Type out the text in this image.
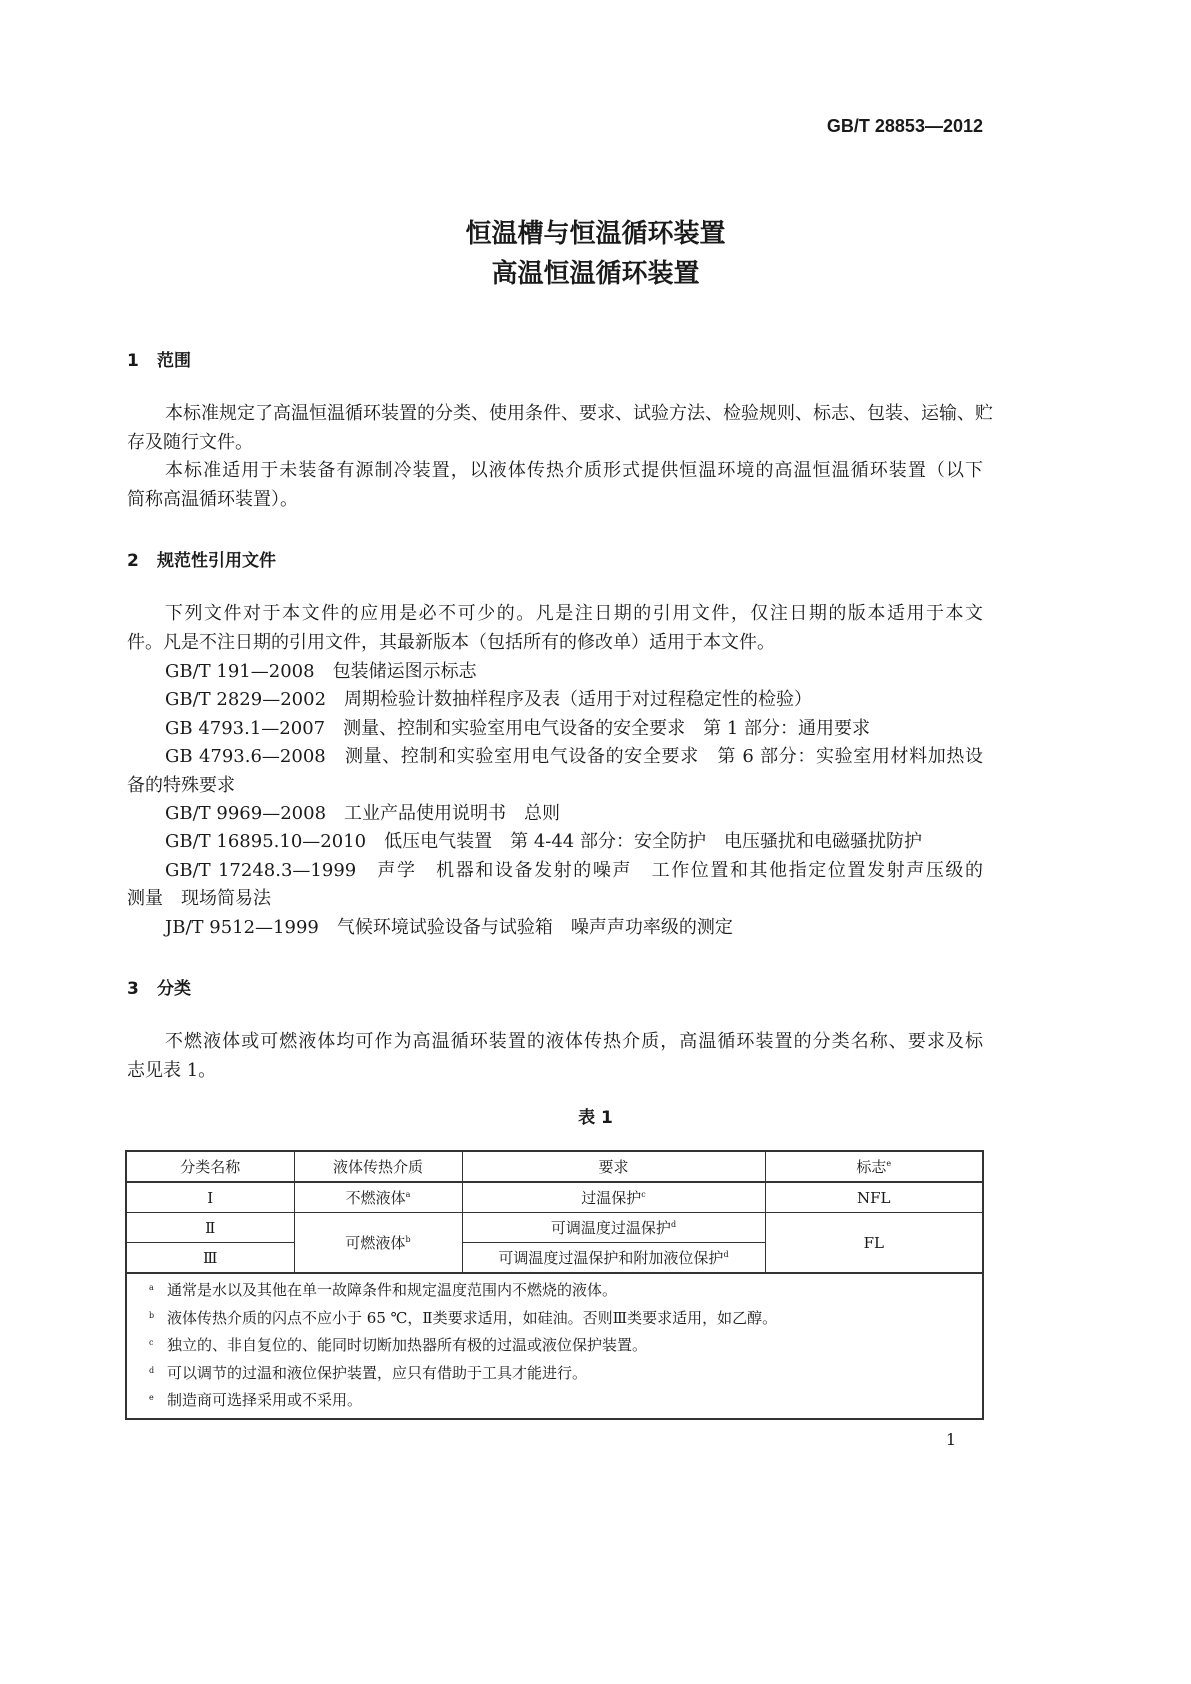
GB/T 28853—2012
恒温槽与恒温循环装置
高温恒温循环装置
1 范围
本标准规定了高温恒温循环装置的分类、使用条件、要求、试验方法、检验规则、标志、包装、运输、贮
存及随行文件。
本标准适用于未装备有源制冷装置，以液体传热介质形式提供恒温环境的高温恒温循环装置（以下
简称高温循环装置）。
2 规范性引用文件
下列文件对于本文件的应用是必不可少的。凡是注日期的引用文件，仅注日期的版本适用于本文
件。凡是不注日期的引用文件，其最新版本（包括所有的修改单）适用于本文件。
GB/T 191—2008　包装储运图示标志
GB/T 2829—2002　周期检验计数抽样程序及表（适用于对过程稳定性的检验）
GB 4793.1—2007　测量、控制和实验室用电气设备的安全要求　第 1 部分：通用要求
GB 4793.6—2008　测量、控制和实验室用电气设备的安全要求　第 6 部分：实验室用材料加热设
备的特殊要求
GB/T 9969—2008　工业产品使用说明书　总则
GB/T 16895.10—2010　低压电气装置　第 4-44 部分：安全防护　电压骚扰和电磁骚扰防护
GB/T 17248.3—1999　声学　机器和设备发射的噪声　工作位置和其他指定位置发射声压级的
测量　现场简易法
JB/T 9512—1999　气候环境试验设备与试验箱　噪声声功率级的测定
3 分类
不燃液体或可燃液体均可作为高温循环装置的液体传热介质，高温循环装置的分类名称、要求及标
志见表 1。
表 1
分类名称	液体传热介质	要求	标志$^e$
Ⅰ	不燃液体$^a$	过温保护$^c$	NFL
Ⅱ	可燃液体$^b$	可调温度过温保护$^d$	FL
Ⅲ		可调温度过温保护和附加液位保护$^d$
a 通常是水以及其他在单一故障条件和规定温度范围内不燃烧的液体。
b 液体传热介质的闪点不应小于 65 ℃，Ⅱ类要求适用，如硅油。否则Ⅲ类要求适用，如乙醇。
c 独立的、非自复位的、能同时切断加热器所有极的过温或液位保护装置。
d 可以调节的过温和液位保护装置，应只有借助于工具才能进行。
e 制造商可选择采用或不采用。
1
